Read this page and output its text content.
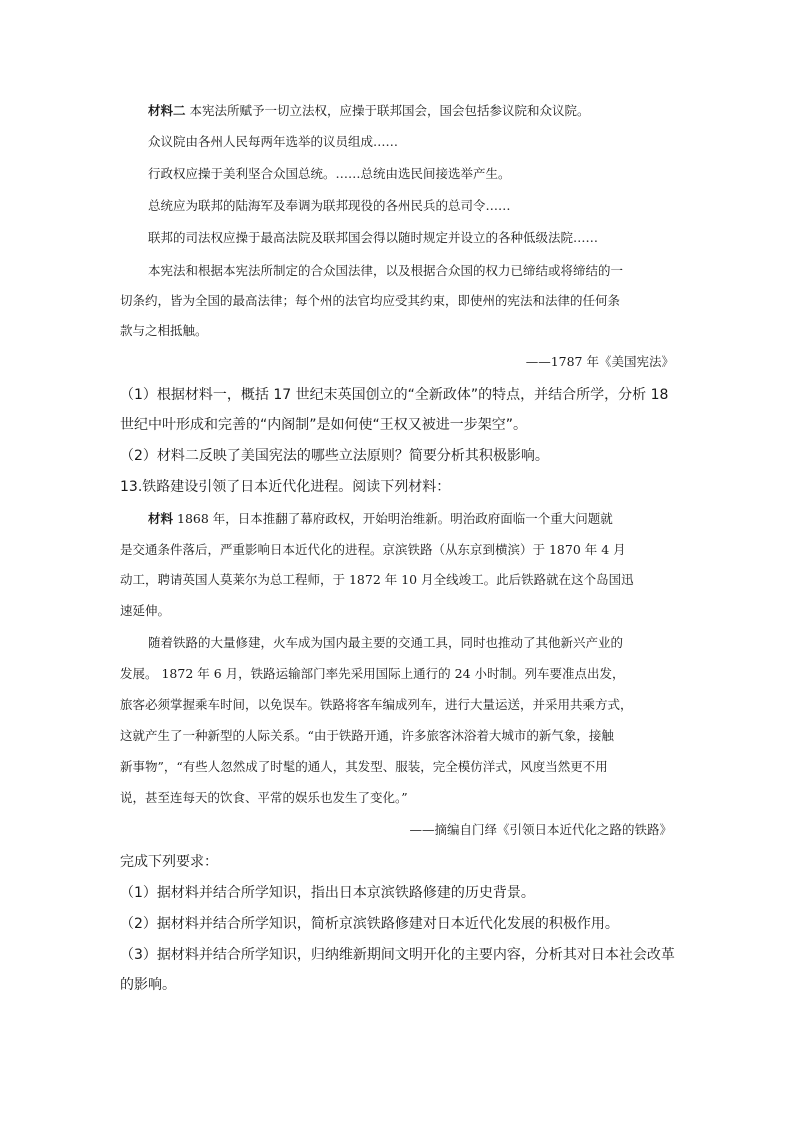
材料二 本宪法所赋予一切立法权，应操于联邦国会，国会包括参议院和众议院。
众议院由各州人民每两年选举的议员组成……
行政权应操于美利坚合众国总统。……总统由选民间接选举产生。
总统应为联邦的陆海军及奉调为联邦现役的各州民兵的总司令……
联邦的司法权应操于最高法院及联邦国会得以随时规定并设立的各种低级法院……
本宪法和根据本宪法所制定的合众国法律，以及根据合众国的权力已缔结或将缔结的一
切条约，皆为全国的最高法律；每个州的法官均应受其约束，即使州的宪法和法律的任何条
款与之相抵触。
——1787 年《美国宪法》
（1）根据材料一，概括 17 世纪末英国创立的“全新政体”的特点，并结合所学，分析 18
世纪中叶形成和完善的“内阁制”是如何使“王权又被进一步架空”。
（2）材料二反映了美国宪法的哪些立法原则？简要分析其积极影响。
13.铁路建设引领了日本近代化进程。阅读下列材料：
材料 1868 年，日本推翻了幕府政权，开始明治维新。明治政府面临一个重大问题就
是交通条件落后，严重影响日本近代化的进程。京滨铁路（从东京到横滨）于 1870 年 4 月
动工，聘请英国人莫莱尔为总工程师，于 1872 年 10 月全线竣工。此后铁路就在这个岛国迅
速延伸。
随着铁路的大量修建，火车成为国内最主要的交通工具，同时也推动了其他新兴产业的
发展。 1872 年 6 月，铁路运输部门率先采用国际上通行的 24 小时制。列车要准点出发，
旅客必须掌握乘车时间，以免误车。铁路将客车编成列车，进行大量运送，并采用共乘方式，
这就产生了一种新型的人际关系。“由于铁路开通，许多旅客沐浴着大城市的新气象，接触
新事物”，“有些人忽然成了时髦的通人，其发型、服装，完全模仿洋式，风度当然更不用
说，甚至连每天的饮食、平常的娱乐也发生了变化。”
——摘编自门绎《引领日本近代化之路的铁路》
完成下列要求：
（1）据材料并结合所学知识，指出日本京滨铁路修建的历史背景。
（2）据材料并结合所学知识，简析京滨铁路修建对日本近代化发展的积极作用。
（3）据材料并结合所学知识，归纳维新期间文明开化的主要内容，分析其对日本社会改革
的影响。
